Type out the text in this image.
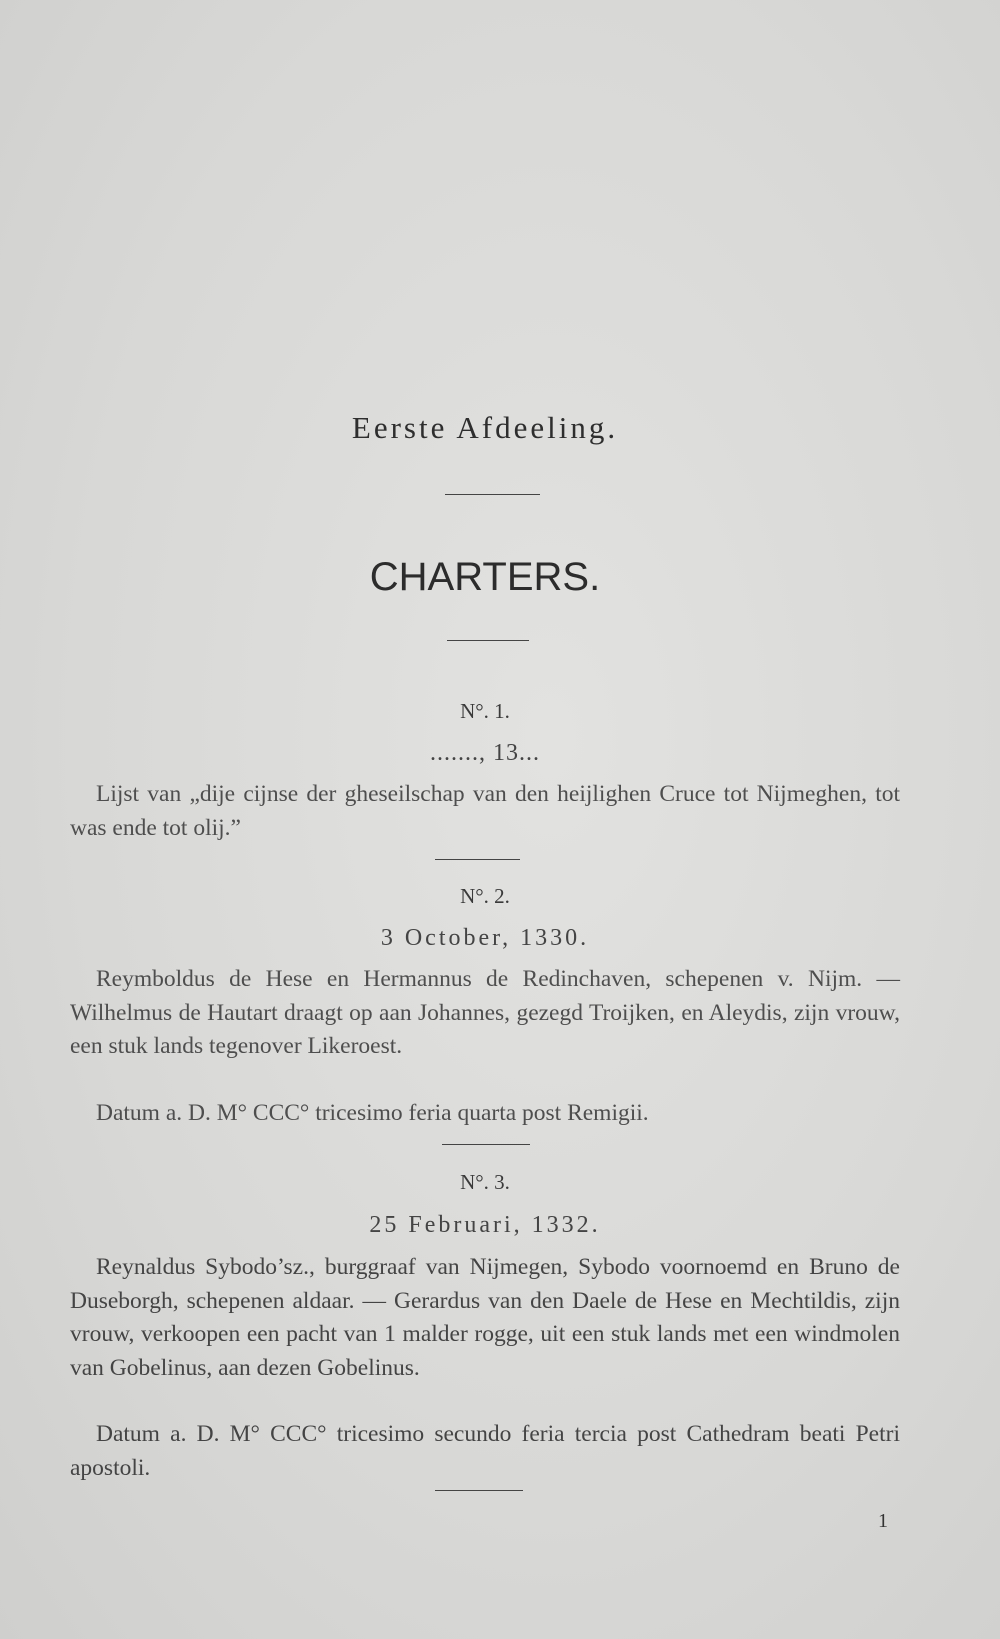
Eerste Afdeeling.
CHARTERS.
N°. 1.
......., 13...

Lijst van „dije cijnse der gheseilschap van den heijlighen Cruce tot Nijmeghen, tot was ende tot olij.”

N°. 2.
3 October, 1330.

Reymboldus de Hese en Hermannus de Redinchaven, schepenen v. Nijm. — Wilhelmus de Hautart draagt op aan Johannes, gezegd Troijken, en Aleydis, zijn vrouw, een stuk lands tegenover Likeroest.

Datum a. D. M° CCC° tricesimo feria quarta post Remigii.

N°. 3.
25 Februari, 1332.

Reynaldus Sybodo’sz., burggraaf van Nijmegen, Sybodo voornoemd en Bruno de Duseborgh, schepenen aldaar. — Gerardus van den Daele de Hese en Mechtildis, zijn vrouw, verkoopen een pacht van 1 malder rogge, uit een stuk lands met een windmolen van Gobelinus, aan dezen Gobelinus.

Datum a. D. M° CCC° tricesimo secundo feria tercia post Cathedram beati Petri apostoli.

1
